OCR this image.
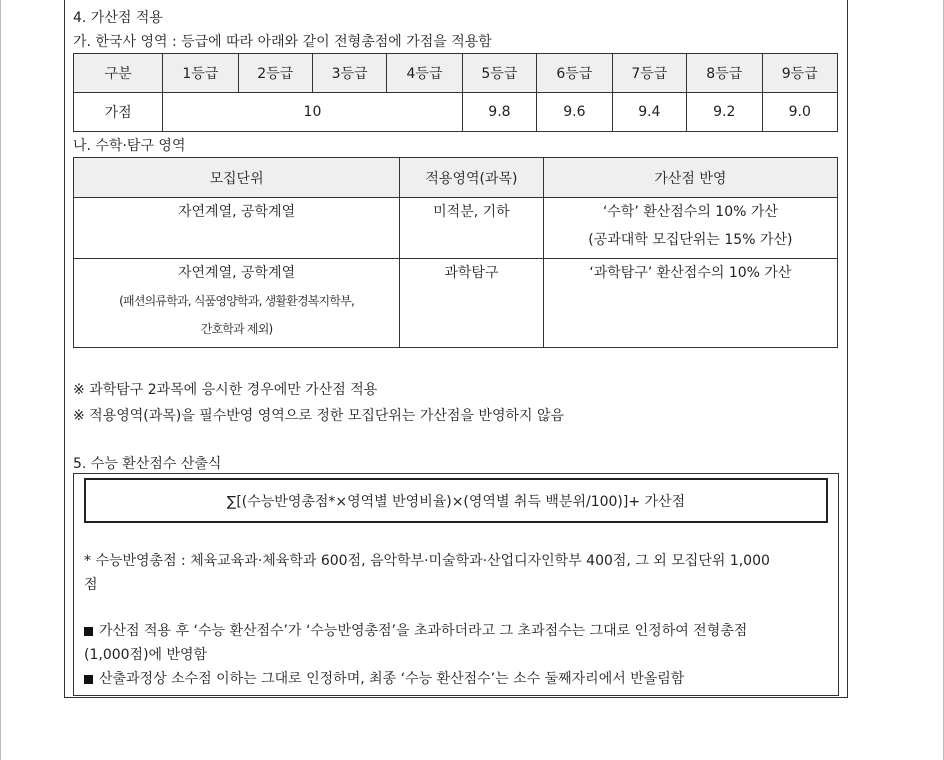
4. 가산점 적용
가. 한국사 영역 : 등급에 따라 아래와 같이 전형총점에 가점을 적용함
구분	1등급	2등급	3등급	4등급	5등급	6등급	7등급	8등급	9등급
가점	10				9.8	9.6	9.4	9.2	9.0
나. 수학·탐구 영역
모집단위	적용영역(과목)	가산점 반영

자연계열, 공학계열	미적분, 기하	‘수학’ 환산점수의 10% 가산
(공과대학 모집단위는 15% 가산)

자연계열, 공학계열
(패션의류학과, 식품영양학과, 생활환경복지학부,
간호학과 제외)	과학탐구	‘과학탐구’ 환산점수의 10% 가산
※ 과학탐구 2과목에 응시한 경우에만 가산점 적용
※ 적용영역(과목)을 필수반영 영역으로 정한 모집단위는 가산점을 반영하지 않음
5. 수능 환산점수 산출식
∑[(수능반영총점*×영역별 반영비율)×(영역별 취득 백분위/100)]+ 가산점
* 수능반영총점 : 체육교육과·체육학과 600점, 음악학부·미술학과·산업디자인학부 400점, 그 외 모집단위 1,000
점
가산점 적용 후 ‘수능 환산점수’가 ‘수능반영총점’을 초과하더라고 그 초과점수는 그대로 인정하여 전형총점
(1,000점)에 반영함
산출과정상 소수점 이하는 그대로 인정하며, 최종 ‘수능 환산점수’는 소수 둘째자리에서 반올림함
